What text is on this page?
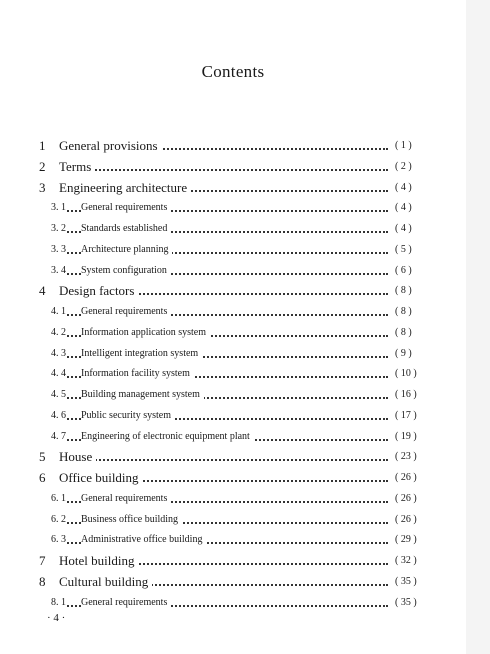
Contents
1 General provisions	( 1 )
2 Terms	( 2 )
3 Engineering architecture	( 4 )
3. 1 General requirements	( 4 )
3. 2 Standards established	( 4 )
3. 3 Architecture planning	( 5 )
3. 4 System configuration	( 6 )
4 Design factors	( 8 )
4. 1 General requirements	( 8 )
4. 2 Information application system	( 8 )
4. 3 Intelligent integration system	( 9 )
4. 4 Information facility system	( 10 )
4. 5 Building management system	( 16 )
4. 6 Public security system	( 17 )
4. 7 Engineering of electronic equipment plant	( 19 )
5 House	( 23 )
6 Office building	( 26 )
6. 1 General requirements	( 26 )
6. 2 Business office building	( 26 )
6. 3 Administrative office building	( 29 )
7 Hotel building	( 32 )
8 Cultural building	( 35 )
8. 1 General requirements	( 35 )
· 4 ·
